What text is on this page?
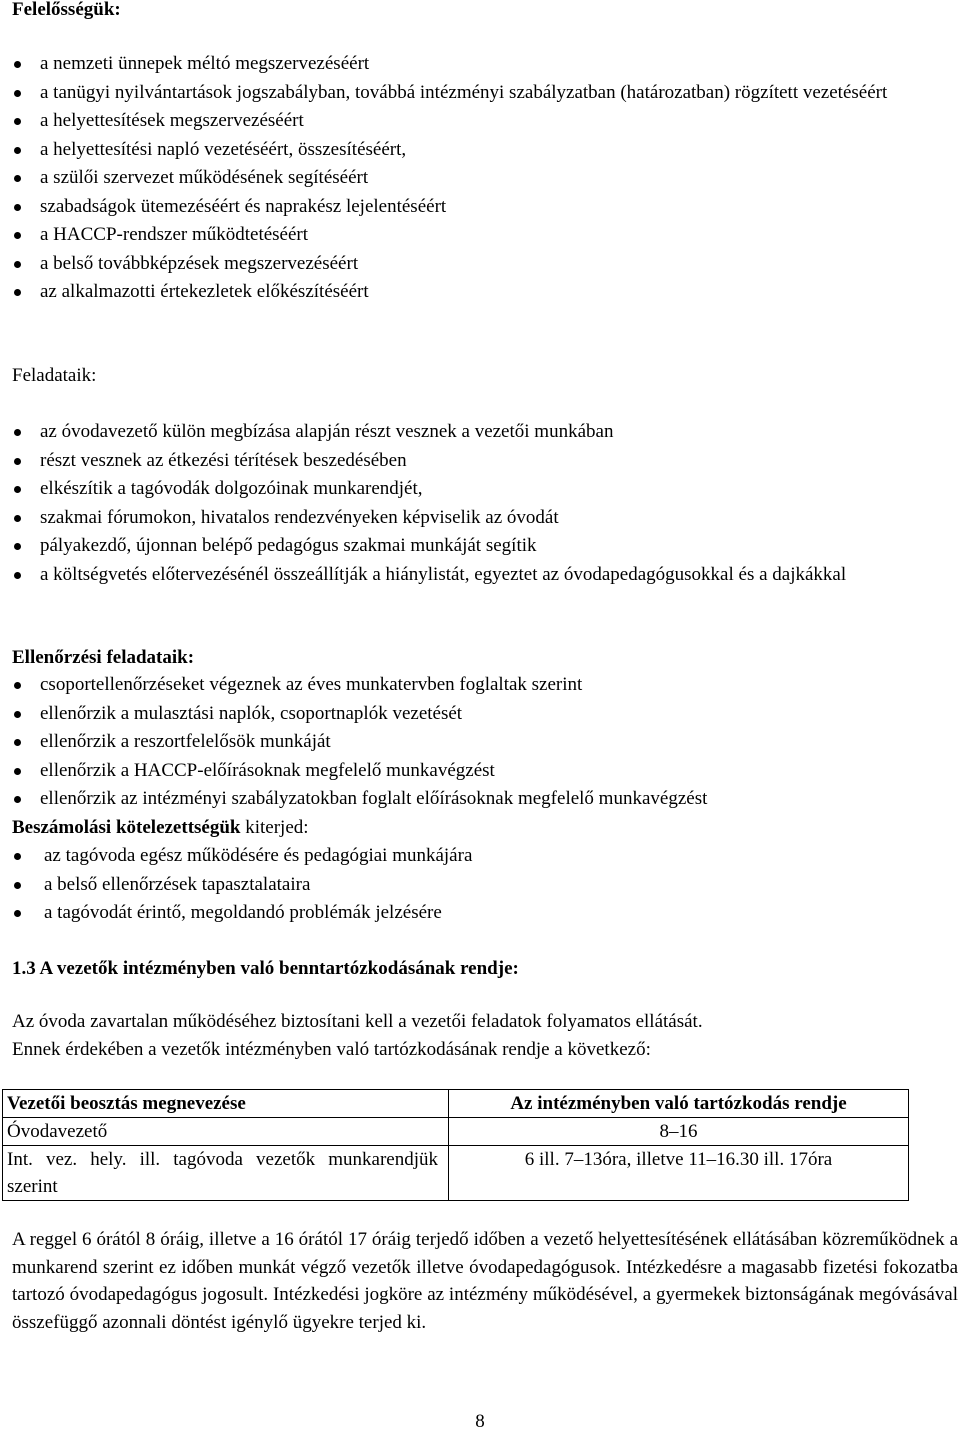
Felelősségük:
a nemzeti ünnepek méltó megszervezéséért
a tanügyi nyilvántartások jogszabályban, továbbá intézményi szabályzatban (határozatban) rögzített vezetéséért
a helyettesítések megszervezéséért
a helyettesítési napló vezetéséért, összesítéséért,
a szülői szervezet működésének segítéséért
szabadságok ütemezéséért és naprakész lejelentéséért
a HACCP-rendszer működtetéséért
a belső továbbképzések megszervezéséért
az alkalmazotti értekezletek előkészítéséért
Feladataik:
az óvodavezető külön megbízása alapján részt vesznek a vezetői munkában
részt vesznek az étkezési térítések beszedésében
elkészítik a tagóvodák dolgozóinak munkarendjét,
szakmai fórumokon, hivatalos rendezvényeken képviselik az óvodát
pályakezdő, újonnan belépő pedagógus szakmai munkáját segítik
a költségvetés előtervezésénél összeállítják a hiánylistát, egyeztet az óvodapedagógusokkal és a dajkákkal
Ellenőrzési feladataik:
csoportellenőrzéseket végeznek az éves munkatervben foglaltak szerint
ellenőrzik a mulasztási naplók, csoportnaplók vezetését
ellenőrzik a reszortfelelősök munkáját
ellenőrzik a HACCP-előírásoknak megfelelő munkavégzést
ellenőrzik az intézményi szabályzatokban foglalt előírásoknak megfelelő munkavégzést
Beszámolási kötelezettségük kiterjed:
az tagóvoda egész működésére és pedagógiai munkájára
a belső ellenőrzések tapasztalataira
a tagóvodát érintő, megoldandó problémák jelzésére
1.3 A vezetők intézményben való benntartózkodásának rendje:
Az óvoda zavartalan működéséhez biztosítani kell a vezetői feladatok folyamatos ellátását.
Ennek érdekében a vezetők intézményben való tartózkodásának rendje a következő:
Vezetői beosztás megnevezése	Az intézményben való tartózkodás rendje
Óvodavezető	8–16
Int. vez. hely. ill. tagóvoda vezetők munkarendjük szerint	6 ill. 7–13óra, illetve 11–16.30 ill. 17óra

A reggel 6 órától 8 óráig, illetve a 16 órától 17 óráig terjedő időben a vezető helyettesítésének ellátásában közreműködnek a munkarend szerint ez időben munkát végző vezetők illetve óvodapedagógusok. Intézkedésre a magasabb fizetési fokozatba tartozó óvodapedagógus jogosult. Intézkedési jogköre az intézmény működésével, a gyermekek biztonságának megóvásával összefüggő azonnali döntést igénylő ügyekre terjed ki.

8
